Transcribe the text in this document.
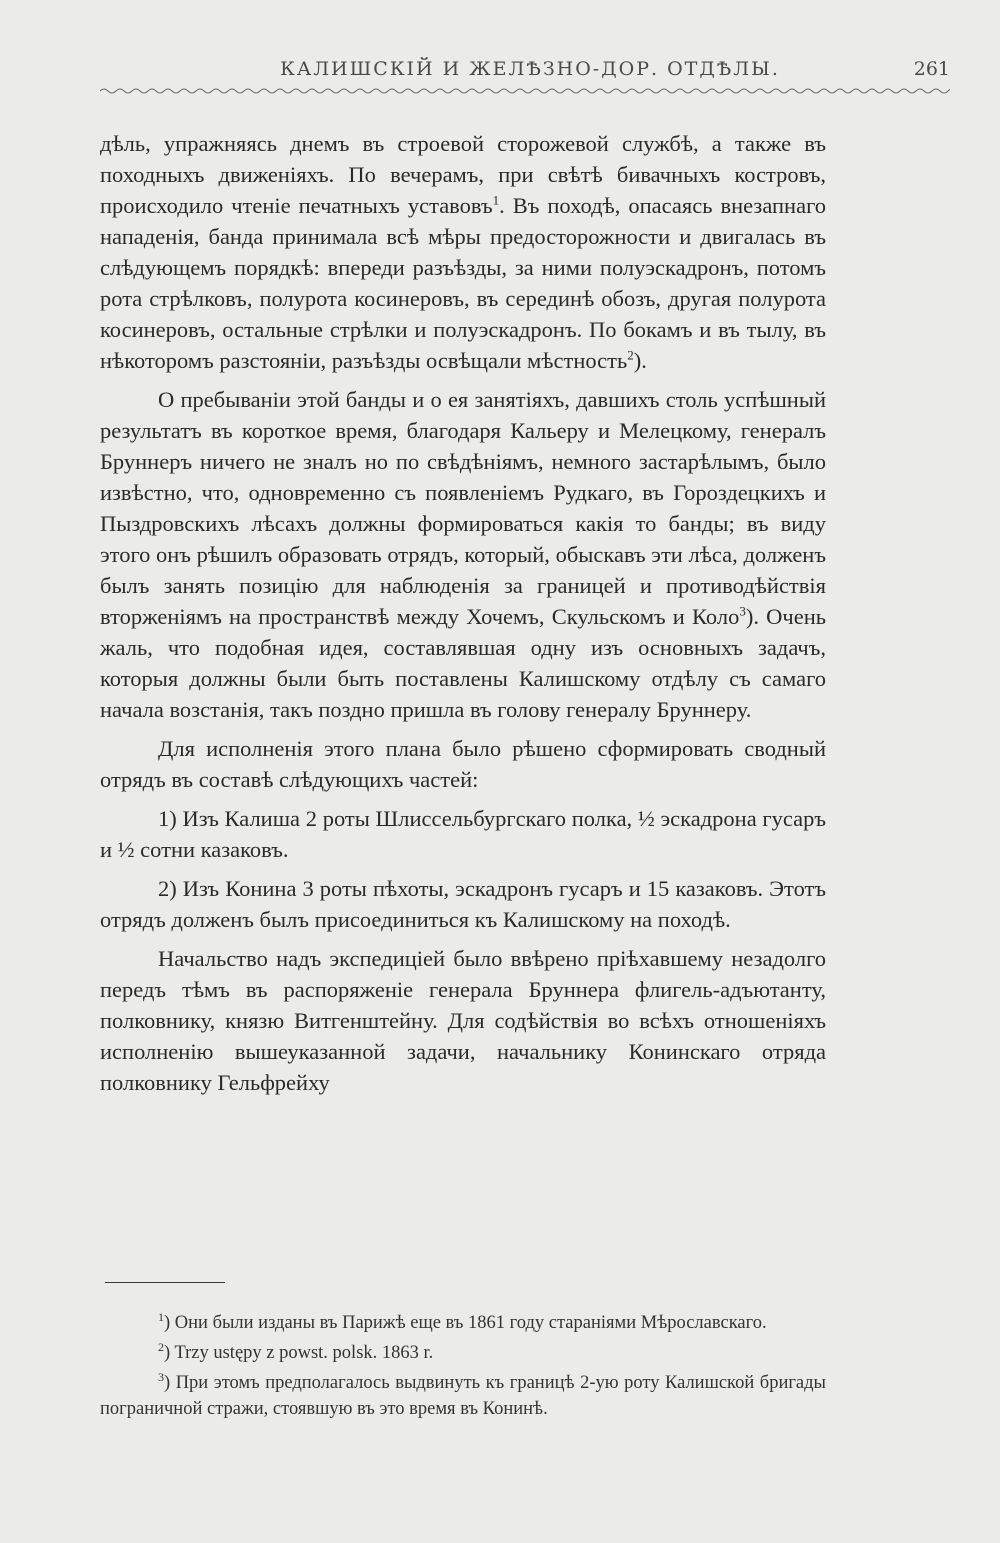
КАЛИШСКІЙ И ЖЕЛѢЗНО-ДОР. ОТДѢЛЫ.	261

дѣль, упражняясь днемъ въ строевой сторожевой службѣ, а также въ походныхъ движеніяхъ. По вечерамъ, при свѣтѣ бивачныхъ костровъ, происходило чтеніе печатныхъ уставовъ$^1$. Въ походѣ, опасаясь внезапнаго нападенія, банда принимала всѣ мѣры предосторожности и двигалась въ слѣдующемъ порядкѣ: впереди разъѣзды, за ними полуэскадронъ, потомъ рота стрѣлковъ, полурота косинеровъ, въ серединѣ обозъ, другая полурота косинеровъ, остальные стрѣлки и полуэскадронъ. По бокамъ и въ тылу, въ нѣкоторомъ разстояніи, разъѣзды освѣщали мѣстность$^2$).

О пребываніи этой банды и о ея занятіяхъ, давшихъ столь успѣшный результатъ въ короткое время, благодаря Кальеру и Мелецкому, генералъ Бруннеръ ничего не зналъ но по свѣдѣніямъ, немного застарѣлымъ, было извѣстно, что, одновременно съ появленіемъ Рудкаго, въ Гороздецкихъ и Пыздровскихъ лѣсахъ должны формироваться какія то банды; въ виду этого онъ рѣшилъ образовать отрядъ, который, обыскавъ эти лѣса, долженъ былъ занять позицію для наблюденія за границей и противодѣйствія вторженіямъ на пространствѣ между Хочемъ, Скульскомъ и Коло$^3$). Очень жаль, что подобная идея, составлявшая одну изъ основныхъ задачъ, которыя должны были быть поставлены Калишскому отдѣлу съ самаго начала возстанія, такъ поздно пришла въ голову генералу Бруннеру.

Для исполненія этого плана было рѣшено сформировать сводный отрядъ въ составѣ слѣдующихъ частей:

1) Изъ Калиша 2 роты Шлиссельбургскаго полка, ½ эскадрона гусаръ и ½ сотни казаковъ.

2) Изъ Конина 3 роты пѣхоты, эскадронъ гусаръ и 15 казаковъ. Этотъ отрядъ долженъ былъ присоединиться къ Калишскому на походѣ.

Начальство надъ экспедиціей было ввѣрено пріѣхавшему незадолго передъ тѣмъ въ распоряженіе генерала Бруннера флигель-адъютанту, полковнику, князю Витгенштейну. Для содѣйствія во всѣхъ отношеніяхъ исполненію вышеуказанной задачи, начальнику Конинскаго отряда полковнику Гельфрейху

$^1$) Они были изданы въ Парижѣ еще въ 1861 году стараніями Мѣрославскаго.

$^2$) Trzy ustępy z powst. polsk. 1863 r.

$^3$) При этомъ предполагалось выдвинуть къ границѣ 2-ую роту Калишской бригады пограничной стражи, стоявшую въ это время въ Конинѣ.
